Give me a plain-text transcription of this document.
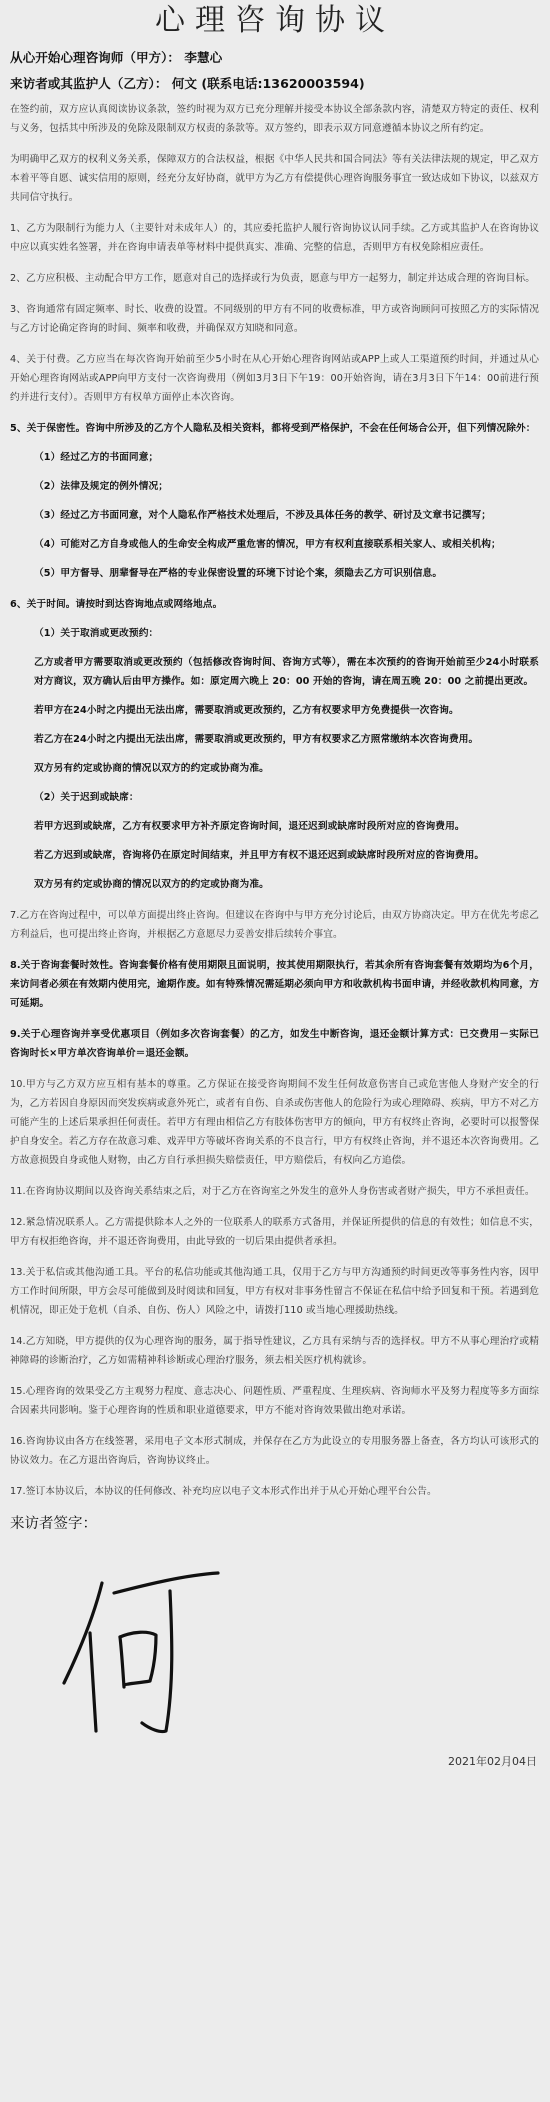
心理咨询协议
从心开始心理咨询师（甲方）： 李慧心
来访者或其监护人（乙方）： 何文 (联系电话:13620003594)

在签约前，双方应认真阅读协议条款，签约时视为双方已充分理解并接受本协议全部条款内容，清楚双方特定的责任、权利与义务，包括其中所涉及的免除及限制双方权责的条款等。双方签约，即表示双方同意遵循本协议之所有约定。

为明确甲乙双方的权利义务关系，保障双方的合法权益，根据《中华人民共和国合同法》等有关法律法规的规定，甲乙双方本着平等自愿、诚实信用的原则，经充分友好协商，就甲方为乙方有偿提供心理咨询服务事宜一致达成如下协议，以兹双方共同信守执行。

1、乙方为限制行为能力人（主要针对未成年人）的，其应委托监护人履行咨询协议认同手续。乙方或其监护人在咨询协议中应以真实姓名签署，并在咨询申请表单等材料中提供真实、准确、完整的信息，否则甲方有权免除相应责任。

2、乙方应积极、主动配合甲方工作，愿意对自己的选择或行为负责，愿意与甲方一起努力，制定并达成合理的咨询目标。

3、咨询通常有固定频率、时长、收费的设置。不同级别的甲方有不同的收费标准，甲方或咨询顾问可按照乙方的实际情况与乙方讨论确定咨询的时间、频率和收费，并确保双方知晓和同意。

4、关于付费。乙方应当在每次咨询开始前至少5小时在从心开始心理咨询网站或APP上或人工渠道预约时间，并通过从心开始心理咨询网站或APP向甲方支付一次咨询费用（例如3月3日下午19：00开始咨询，请在3月3日下午14：00前进行预约并进行支付）。否则甲方有权单方面停止本次咨询。

5、关于保密性。咨询中所涉及的乙方个人隐私及相关资料，都将受到严格保护，不会在任何场合公开，但下列情况除外：

（1）经过乙方的书面同意；

（2）法律及规定的例外情况；

（3）经过乙方书面同意，对个人隐私作严格技术处理后，不涉及具体任务的教学、研讨及文章书记撰写；

（4）可能对乙方自身或他人的生命安全构成严重危害的情况，甲方有权利直接联系相关家人、或相关机构；

（5）甲方督导、朋辈督导在严格的专业保密设置的环境下讨论个案，须隐去乙方可识别信息。

6、关于时间。请按时到达咨询地点或网络地点。

（1）关于取消或更改预约：

乙方或者甲方需要取消或更改预约（包括修改咨询时间、咨询方式等），需在本次预约的咨询开始前至少24小时联系对方商议，双方确认后由甲方操作。如：原定周六晚上 20：00 开始的咨询，请在周五晚 20：00 之前提出更改。

若甲方在24小时之内提出无法出席，需要取消或更改预约，乙方有权要求甲方免费提供一次咨询。

若乙方在24小时之内提出无法出席，需要取消或更改预约，甲方有权要求乙方照常缴纳本次咨询费用。

双方另有约定或协商的情况以双方的约定或协商为准。

（2）关于迟到或缺席：

若甲方迟到或缺席，乙方有权要求甲方补齐原定咨询时间，退还迟到或缺席时段所对应的咨询费用。

若乙方迟到或缺席，咨询将仍在原定时间结束，并且甲方有权不退还迟到或缺席时段所对应的咨询费用。

双方另有约定或协商的情况以双方的约定或协商为准。

7.乙方在咨询过程中，可以单方面提出终止咨询。但建议在咨询中与甲方充分讨论后，由双方协商决定。甲方在优先考虑乙方利益后，也可提出终止咨询，并根据乙方意愿尽力妥善安排后续转介事宜。

8.关于咨询套餐时效性。咨询套餐价格有使用期限且面说明，按其使用期限执行，若其余所有咨询套餐有效期均为6个月，来访问者必须在有效期内使用完，逾期作废。如有特殊情况需延期必须向甲方和收款机构书面申请，并经收款机构同意，方可延期。

9.关于心理咨询并享受优惠项目（例如多次咨询套餐）的乙方，如发生中断咨询，退还金额计算方式：已交费用－实际已咨询时长×甲方单次咨询单价＝退还金额。

10.甲方与乙方双方应互相有基本的尊重。乙方保证在接受咨询期间不发生任何故意伤害自己或危害他人身财产安全的行为，乙方若因自身原因而突发疾病或意外死亡，或者有自伤、自杀或伤害他人的危险行为或心理障碍、疾病，甲方不对乙方可能产生的上述后果承担任何责任。若甲方有理由相信乙方有肢体伤害甲方的倾向，甲方有权终止咨询，必要时可以报警保护自身安全。若乙方存在故意习难、戏弄甲方等破坏咨询关系的不良言行，甲方有权终止咨询，并不退还本次咨询费用。乙方故意损毁自身或他人财物，由乙方自行承担损失赔偿责任，甲方赔偿后，有权向乙方追偿。

11.在咨询协议期间以及咨询关系结束之后，对于乙方在咨询室之外发生的意外人身伤害或者财产损失，甲方不承担责任。

12.紧急情况联系人。乙方需提供除本人之外的一位联系人的联系方式备用，并保证所提供的信息的有效性；如信息不实，甲方有权拒绝咨询，并不退还咨询费用，由此导致的一切后果由提供者承担。

13.关于私信或其他沟通工具。平台的私信功能或其他沟通工具，仅用于乙方与甲方沟通预约时间更改等事务性内容，因甲方工作时间所限，甲方会尽可能做到及时阅读和回复，甲方有权对非事务性留言不保证在私信中给予回复和干预。若遇到危机情况，即正处于危机（自杀、自伤、伤人）风险之中，请拨打110 或当地心理援助热线。

14.乙方知晓，甲方提供的仅为心理咨询的服务，属于指导性建议，乙方具有采纳与否的选择权。甲方不从事心理治疗或精神障碍的诊断治疗，乙方如需精神科诊断或心理治疗服务，须去相关医疗机构就诊。

15.心理咨询的效果受乙方主观努力程度、意志决心、问题性质、严重程度、生理疾病、咨询师水平及努力程度等多方面综合因素共同影响。鉴于心理咨询的性质和职业道德要求，甲方不能对咨询效果做出绝对承诺。

16.咨询协议由各方在线签署，采用电子文本形式制成，并保存在乙方为此设立的专用服务器上备查，各方均认可该形式的协议效力。在乙方退出咨询后，咨询协议终止。

17.签订本协议后，本协议的任何修改、补充均应以电子文本形式作出并于从心开始心理平台公告。

来访者签字：
2021年02月04日
